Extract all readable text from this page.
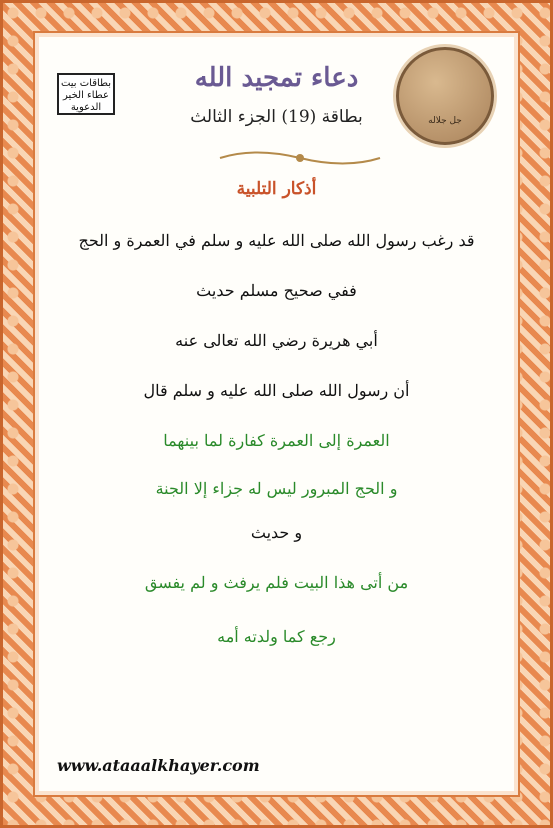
بطاقات بيت عطاء الخير الدعوية
جل جلاله
دعاء تمجيد الله
بطاقة (19) الجزء الثالث
أذكار التلبية
قد رغب رسول الله صلى الله عليه و سلم في العمرة و الحج
ففي صحيح مسلم حديث
أبي هريرة رضي الله تعالى عنه
أن رسول الله صلى الله عليه و سلم قال
العمرة إلى العمرة كفارة لما بينهما
و الحج المبرور ليس له جزاء إلا الجنة
و حديث
من أتى هذا البيت فلم يرفث و لم يفسق
رجع كما ولدته أمه
www.ataaalkhayer.com
